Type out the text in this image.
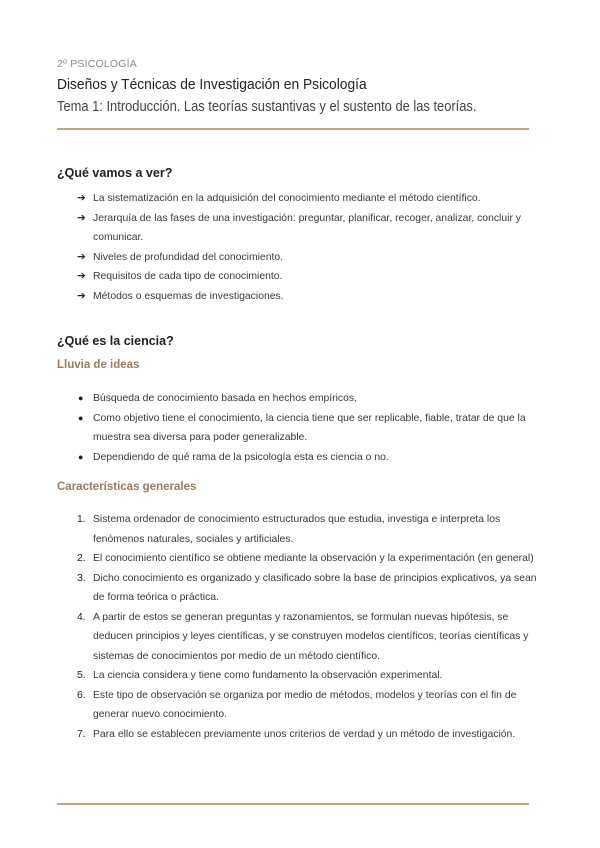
2º PSICOLOGÍA
Diseños y Técnicas de Investigación en Psicología
Tema 1: Introducción. Las teorías sustantivas y el sustento de las teorías.
¿Qué vamos a ver?
➔ La sistematización en la adquisición del conocimiento mediante el método científico.
➔ Jerarquía de las fases de una investigación: preguntar, planificar, recoger, analizar, concluir y comunicar.
➔ Niveles de profundidad del conocimiento.
➔ Requisitos de cada tipo de conocimiento.
➔ Métodos o esquemas de investigaciones.
¿Qué es la ciencia?
Lluvia de ideas
● Búsqueda de conocimiento basada en hechos empíricos,
● Como objetivo tiene el conocimiento, la ciencia tiene que ser replicable, fiable, tratar de que la muestra sea diversa para poder generalizable.
● Dependiendo de qué rama de la psicología esta es ciencia o no.
Características generales
1. Sistema ordenador de conocimiento estructurados que estudia, investiga e interpreta los fenómenos naturales, sociales y artificiales.
2. El conocimiento científico se obtiene mediante la observación y la experimentación (en general)
3. Dicho conocimiento es organizado y clasificado sobre la base de principios explicativos, ya sean de forma teórica o práctica.
4. A partir de estos se generan preguntas y razonamientos, se formulan nuevas hipótesis, se deducen principios y leyes científicas, y se construyen modelos científicos, teorías científicas y sistemas de conocimientos por medio de un método científico.
5. La ciencia considera y tiene como fundamento la observación experimental.
6. Este tipo de observación se organiza por medio de métodos, modelos y teorías con el fin de generar nuevo conocimiento.
7. Para ello se establecen previamente unos criterios de verdad y un método de investigación.
